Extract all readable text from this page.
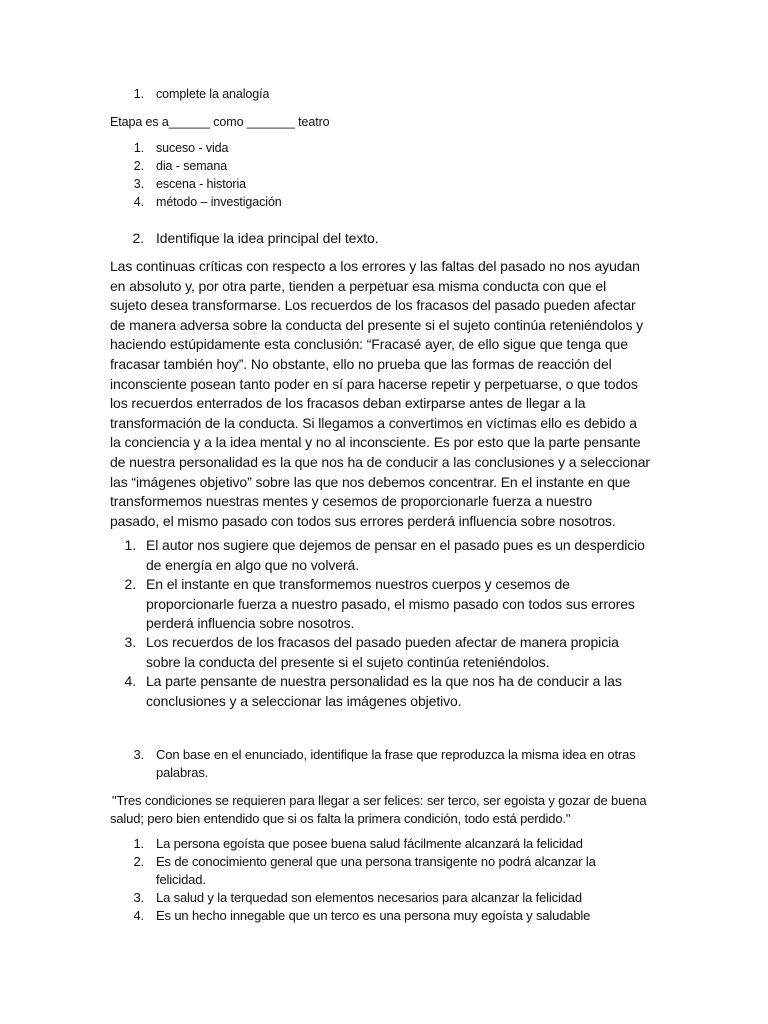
1. complete la analogía
Etapa es a______ como _______ teatro
1. suceso - vida
2. dia - semana
3. escena - historia
4. método – investigación
2. Identifique la idea principal del texto.
Las continuas críticas con respecto a los errores y las faltas del pasado no nos ayudan
en absoluto y, por otra parte, tienden a perpetuar esa misma conducta con que el
sujeto desea transformarse. Los recuerdos de los fracasos del pasado pueden afectar
de manera adversa sobre la conducta del presente si el sujeto continúa reteniéndolos y
haciendo estúpidamente esta conclusión: “Fracasé ayer, de ello sigue que tenga que
fracasar también hoy”. No obstante, ello no prueba que las formas de reacción del
inconsciente posean tanto poder en sí para hacerse repetir y perpetuarse, o que todos
los recuerdos enterrados de los fracasos deban extirparse antes de llegar a la
transformación de la conducta. Si llegamos a convertimos en víctimas ello es debido a
la conciencia y a la idea mental y no al inconsciente. Es por esto que la parte pensante
de nuestra personalidad es la que nos ha de conducir a las conclusiones y a seleccionar
las “imágenes objetivo” sobre las que nos debemos concentrar. En el instante en que
transformemos nuestras mentes y cesemos de proporcionarle fuerza a nuestro
pasado, el mismo pasado con todos sus errores perderá influencia sobre nosotros.
1. El autor nos sugiere que dejemos de pensar en el pasado pues es un desperdicio
de energía en algo que no volverá.
2. En el instante en que transformemos nuestros cuerpos y cesemos de
proporcionarle fuerza a nuestro pasado, el mismo pasado con todos sus errores
perderá influencia sobre nosotros.
3. Los recuerdos de los fracasos del pasado pueden afectar de manera propicia
sobre la conducta del presente si el sujeto continúa reteniéndolos.
4. La parte pensante de nuestra personalidad es la que nos ha de conducir a las
conclusiones y a seleccionar las imágenes objetivo.
3. Con base en el enunciado, identifique la frase que reproduzca la misma idea en otras
palabras.
"Tres condiciones se requieren para llegar a ser felices: ser terco, ser egoista y gozar de buena
salud; pero bien entendido que si os falta la primera condición, todo está perdido."
1. La persona egoísta que posee buena salud fácilmente alcanzará la felicidad
2. Es de conocimiento general que una persona transigente no podrá alcanzar la
felicidad.
3. La salud y la terquedad son elementos necesarios para alcanzar la felicidad
4. Es un hecho innegable que un terco es una persona muy egoísta y saludable
